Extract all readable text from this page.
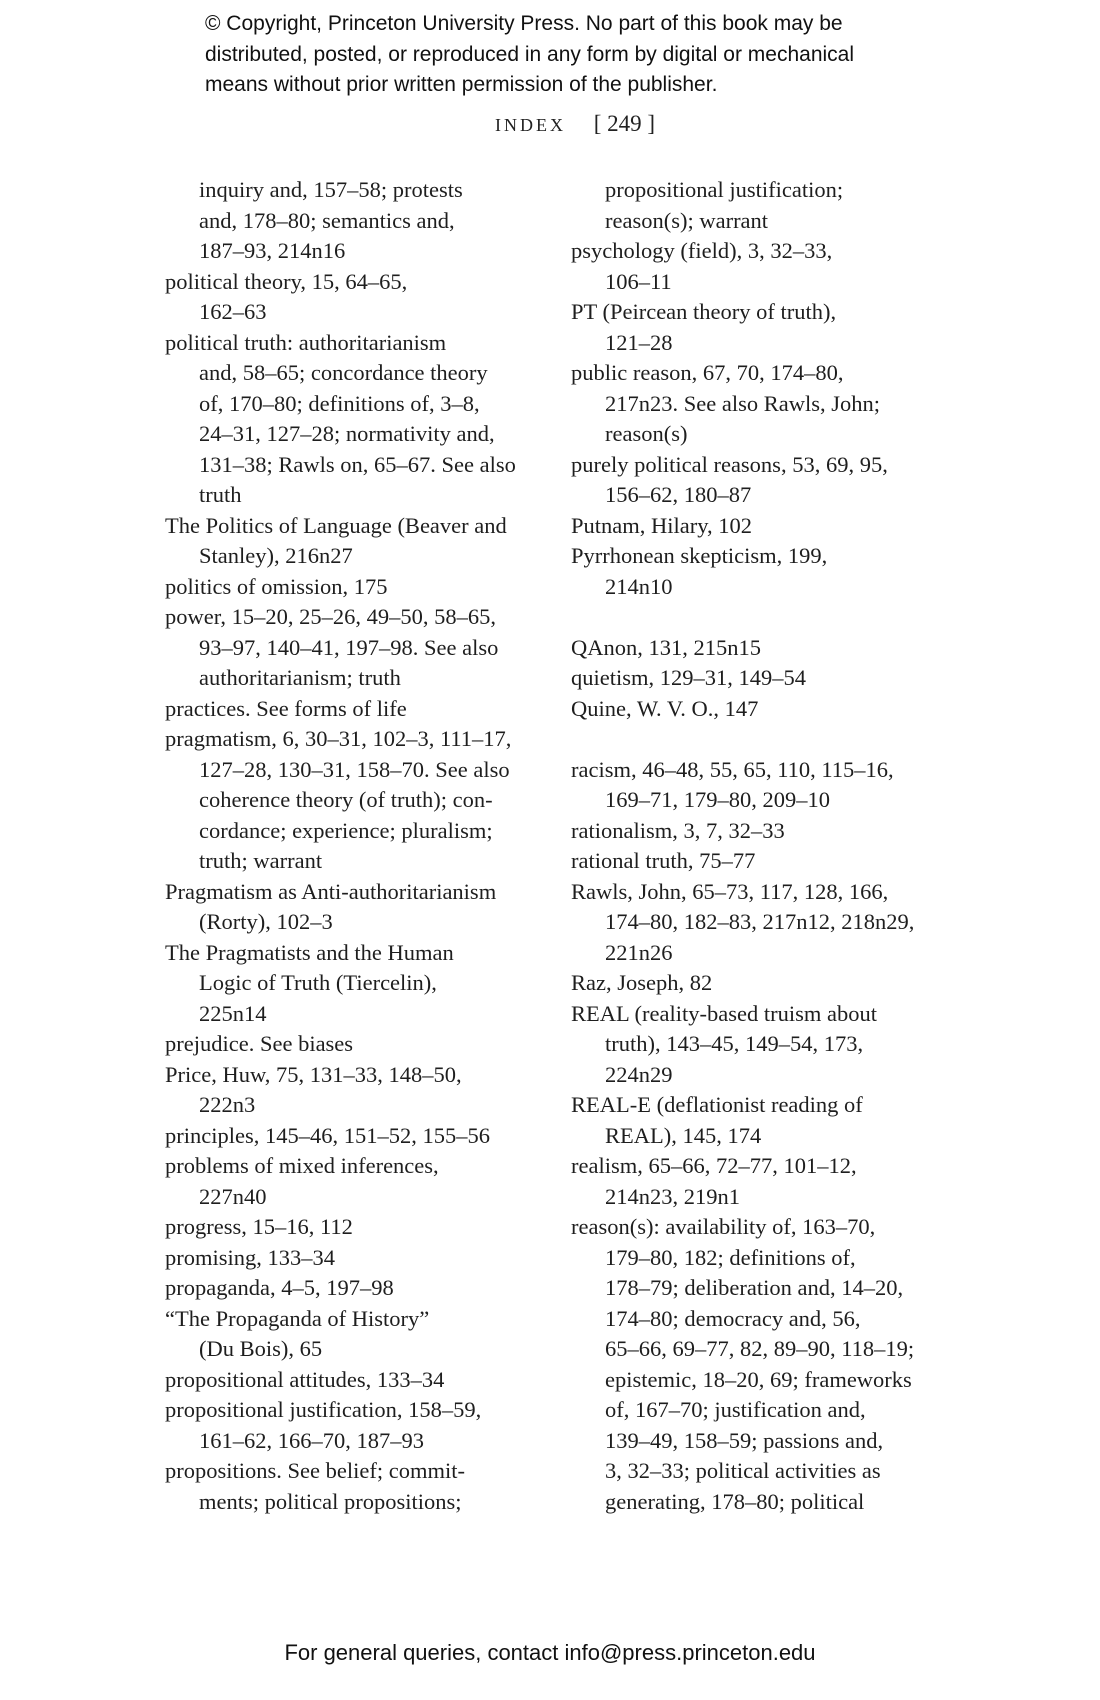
© Copyright, Princeton University Press. No part of this book may be
distributed, posted, or reproduced in any form by digital or mechanical
means without prior written permission of the publisher.
index [ 249 ]
inquiry and, 157–58; protests
and, 178–80; semantics and,
187–93, 214n16
political theory, 15, 64–65,
162–63
political truth: authoritarianism
and, 58–65; concordance theory
of, 170–80; definitions of, 3–8,
24–31, 127–28; normativity and,
131–38; Rawls on, 65–67. See also
truth
The Politics of Language (Beaver and
Stanley), 216n27
politics of omission, 175
power, 15–20, 25–26, 49–50, 58–65,
93–97, 140–41, 197–98. See also
authoritarianism; truth
practices. See forms of life
pragmatism, 6, 30–31, 102–3, 111–17,
127–28, 130–31, 158–70. See also
coherence theory (of truth); con-
cordance; experience; pluralism;
truth; warrant
Pragmatism as Anti-authoritarianism
(Rorty), 102–3
The Pragmatists and the Human
Logic of Truth (Tiercelin),
225n14
prejudice. See biases
Price, Huw, 75, 131–33, 148–50,
222n3
principles, 145–46, 151–52, 155–56
problems of mixed inferences,
227n40
progress, 15–16, 112
promising, 133–34
propaganda, 4–5, 197–98
“The Propaganda of History”
(Du Bois), 65
propositional attitudes, 133–34
propositional justification, 158–59,
161–62, 166–70, 187–93
propositions. See belief; commit-
ments; political propositions;
propositional justification;
reason(s); warrant
psychology (field), 3, 32–33,
106–11
PT (Peircean theory of truth),
121–28
public reason, 67, 70, 174–80,
217n23. See also Rawls, John;
reason(s)
purely political reasons, 53, 69, 95,
156–62, 180–87
Putnam, Hilary, 102
Pyrrhonean skepticism, 199,
214n10
QAnon, 131, 215n15
quietism, 129–31, 149–54
Quine, W. V. O., 147
racism, 46–48, 55, 65, 110, 115–16,
169–71, 179–80, 209–10
rationalism, 3, 7, 32–33
rational truth, 75–77
Rawls, John, 65–73, 117, 128, 166,
174–80, 182–83, 217n12, 218n29,
221n26
Raz, Joseph, 82
REAL (reality-based truism about
truth), 143–45, 149–54, 173,
224n29
REAL-E (deflationist reading of
REAL), 145, 174
realism, 65–66, 72–77, 101–12,
214n23, 219n1
reason(s): availability of, 163–70,
179–80, 182; definitions of,
178–79; deliberation and, 14–20,
174–80; democracy and, 56,
65–66, 69–77, 82, 89–90, 118–19;
epistemic, 18–20, 69; frameworks
of, 167–70; justification and,
139–49, 158–59; passions and,
3, 32–33; political activities as
generating, 178–80; political
For general queries, contact info@press.princeton.edu
